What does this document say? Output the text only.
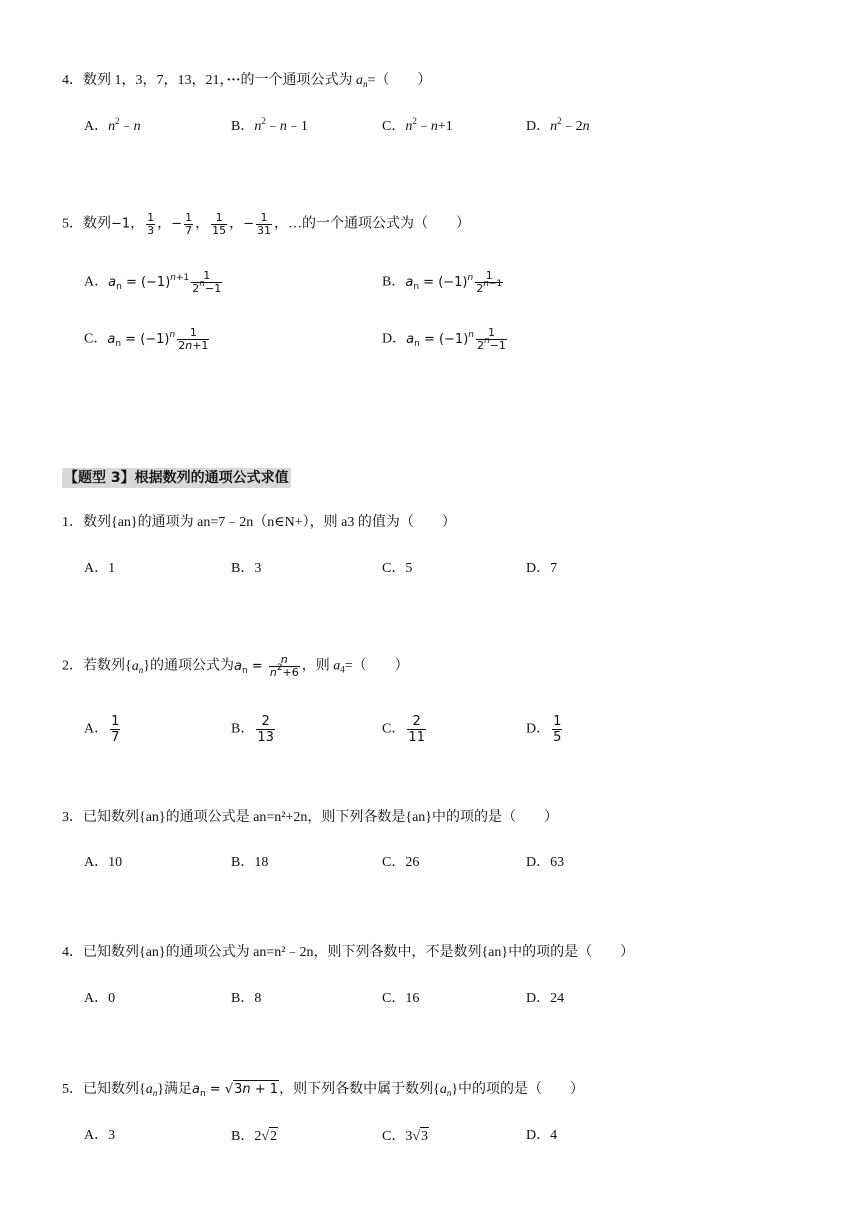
4．数列 1，3，7，13，21，···的一个通项公式为 $a_n=$（　　）
A．$n^2﹣n$	B．$n^2﹣n﹣1$	C．$n^2﹣n+1$	D．$n^2﹣2n$
5．数列−1， $\frac{1}{3}$ ，− $\frac{1}{7}$ ， $\frac{1}{15}$ ，− $\frac{1}{31}$ ，…的一个通项公式为（　　）
A．$a_n = (-1)^{n+1} \frac{1}{2^n-1}$	B．$a_n = (-1)^n \frac{1}{2^{n-1}}$
C．$a_n = (-1)^n \frac{1}{2n+1}$	D．$a_n = (-1)^n \frac{1}{2^n-1}$
【题型 3】根据数列的通项公式求值
1．数列{an}的通项为 an=7﹣2n（n∈N+），则 a3 的值为（　　）
A．1	B．3	C．5	D．7
2．若数列$\{a_n\}$的通项公式为$a_n = \frac{n}{n^2+6}$ ，则 $a_4=$（　　）
A． $\frac{1}{7}$	B． $\frac{2}{13}$	C． $\frac{2}{11}$	D． $\frac{1}{5}$
3．已知数列{an}的通项公式是 an=n²+2n，则下列各数是{an}中的项的是（　　）
A．10	B．18	C．26	D．63
4．已知数列{an}的通项公式为 an=n²﹣2n，则下列各数中，不是数列{an}中的项的是（　　）
A．0	B．8	C．16	D．24
5．已知数列$\{a_n\}$满足$a_n = √3n + 1$，则下列各数中属于数列$\{a_n\}$中的项的是（　　）
A．3	B．2√2	C．3√3	D．4
